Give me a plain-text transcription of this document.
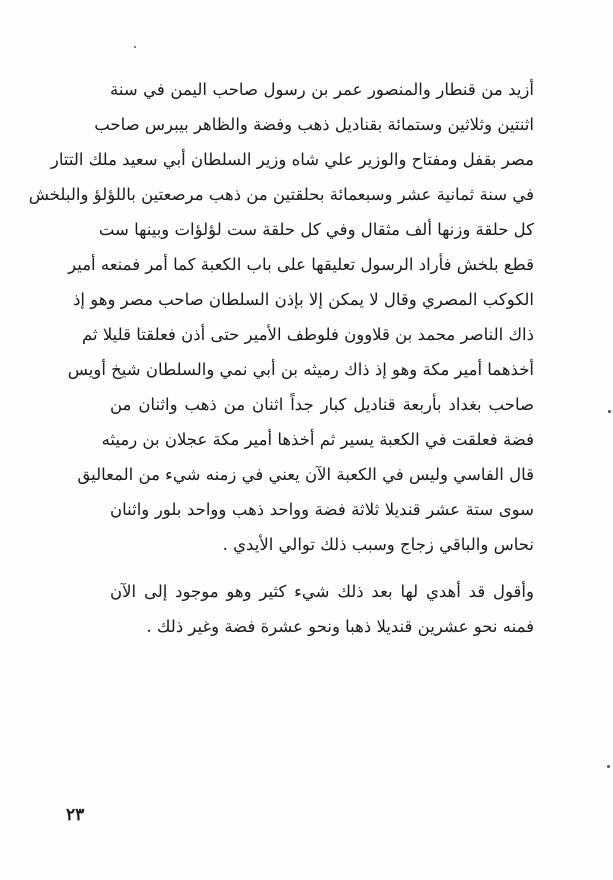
أزيد من قنطار والمنصور عمر بن رسول صاحب اليمن في سنة
اثنتين وثلاثين وستمائة بقناديل ذهب وفضة والظاهر بيبرس صاحب
مصر بقفل ومفتاح والوزير علي شاه وزير السلطان أبي سعيد ملك التتار
في سنة ثمانية عشر وسبعمائة بحلقتين من ذهب مرصعتين باللؤلؤ والبلخش
كل حلقة وزنها ألف مثقال وفي كل حلقة ست لؤلؤات وبينها ست
قطع بلخش فأراد الرسول تعليقها على باب الكعبة كما أمر فمنعه أمير
الكوكب المصري وقال لا يمكن إلا بإذن السلطان صاحب مصر وهو إذ
ذاك الناصر محمد بن قلاوون فلوطف الأمير حتى أذن فعلقتا قليلا ثم
أخذهما أمير مكة وهو إذ ذاك رميثه بن أبي نمي والسلطان شيخ أويس
صاحب بغداد بأربعة قناديل كبار جداً اثنان من ذهب واثنان من
فضة فعلقت في الكعبة يسير ثم أخذها أمير مكة عجلان بن رميثه
قال الفاسي وليس في الكعبة الآن يعني في زمنه شيء من المعاليق
سوى ستة عشر قنديلا ثلاثة فضة وواحد ذهب وواحد بلور واثنان
نحاس والباقي زجاج وسبب ذلك توالي الأيدي .
وأقول قد أهدي لها بعد ذلك شيء كثير وهو موجود إلى الآن
فمنه نحو عشرين قنديلا ذهبا ونحو عشرة فضة وغير ذلك .
٢٣
